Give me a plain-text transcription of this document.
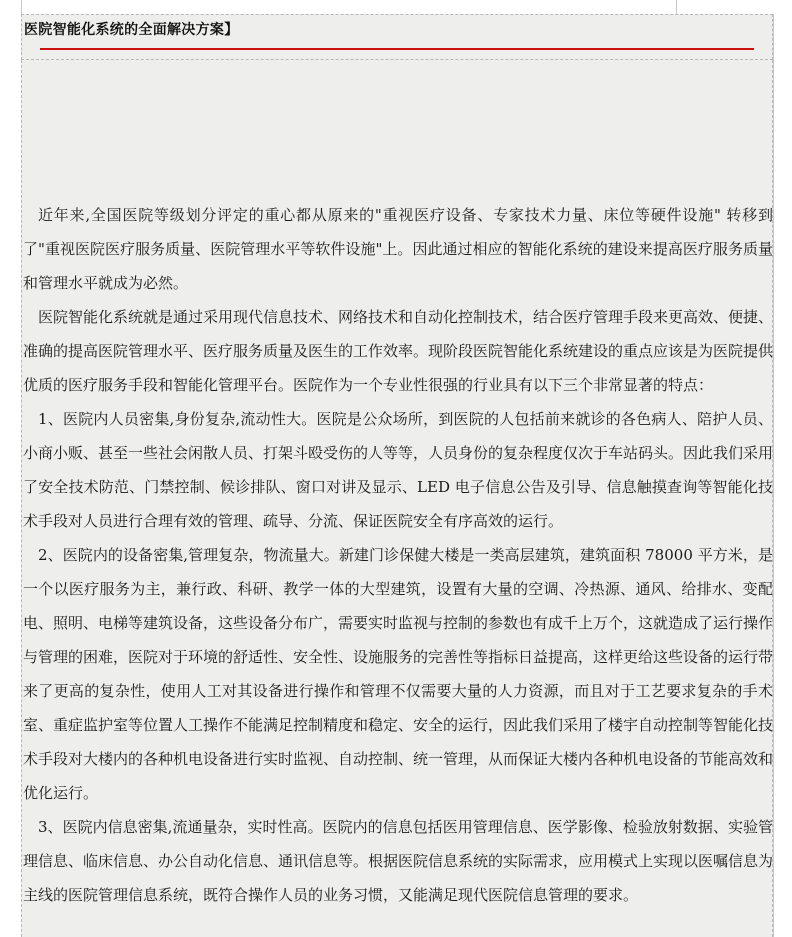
医院智能化系统的全面解决方案】

近年来,全国医院等级划分评定的重心都从原来的"重视医疗设备、专家技术力量、床位等硬件设施" 转移到了"重视医院医疗服务质量、医院管理水平等软件设施"上。因此通过相应的智能化系统的建设来提高医疗服务质量和管理水平就成为必然。

医院智能化系统就是通过采用现代信息技术、网络技术和自动化控制技术，结合医疗管理手段来更高效、便捷、准确的提高医院管理水平、医疗服务质量及医生的工作效率。现阶段医院智能化系统建设的重点应该是为医院提供优质的医疗服务手段和智能化管理平台。医院作为一个专业性很强的行业具有以下三个非常显著的特点：

1、医院内人员密集,身份复杂,流动性大。医院是公众场所，到医院的人包括前来就诊的各色病人、陪护人员、小商小贩、甚至一些社会闲散人员、打架斗殴受伤的人等等，人员身份的复杂程度仅次于车站码头。因此我们采用了安全技术防范、门禁控制、候诊排队、窗口对讲及显示、LED 电子信息公告及引导、信息触摸查询等智能化技术手段对人员进行合理有效的管理、疏导、分流、保证医院安全有序高效的运行。

2、医院内的设备密集,管理复杂，物流量大。新建门诊保健大楼是一类高层建筑，建筑面积 78000 平方米，是一个以医疗服务为主，兼行政、科研、教学一体的大型建筑，设置有大量的空调、冷热源、通风、给排水、变配电、照明、电梯等建筑设备，这些设备分布广，需要实时监视与控制的参数也有成千上万个，这就造成了运行操作与管理的困难，医院对于环境的舒适性、安全性、设施服务的完善性等指标日益提高，这样更给这些设备的运行带来了更高的复杂性，使用人工对其设备进行操作和管理不仅需要大量的人力资源，而且对于工艺要求复杂的手术室、重症监护室等位置人工操作不能满足控制精度和稳定、安全的运行，因此我们采用了楼宇自动控制等智能化技术手段对大楼内的各种机电设备进行实时监视、自动控制、统一管理，从而保证大楼内各种机电设备的节能高效和优化运行。

3、医院内信息密集,流通量杂，实时性高。医院内的信息包括医用管理信息、医学影像、检验放射数据、实验管理信息、临床信息、办公自动化信息、通讯信息等。根据医院信息系统的实际需求，应用模式上实现以医嘱信息为主线的医院管理信息系统，既符合操作人员的业务习惯，又能满足现代医院信息管理的要求。
